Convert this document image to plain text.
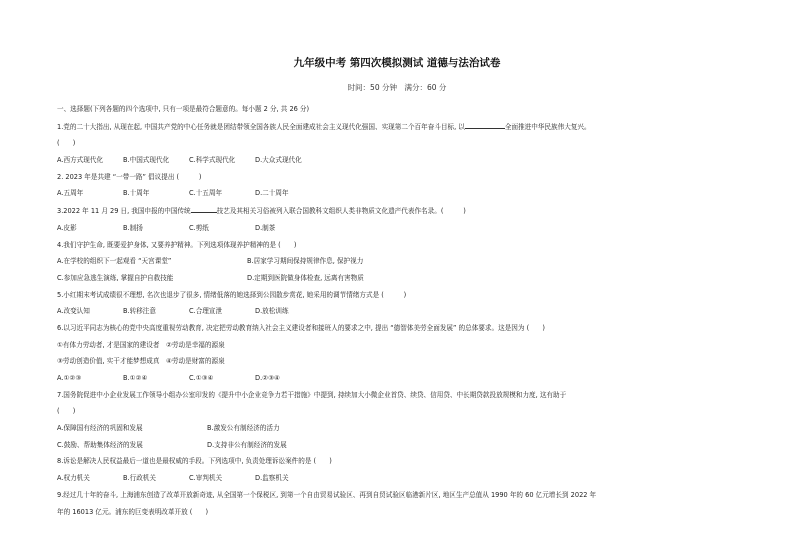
九年级中考 第四次模拟测试 道德与法治试卷
时间：50 分钟　满分：60 分
一、选择题(下列各题的四个选项中, 只有一项是最符合题意的。每小题 2 分, 共 26 分)
1.党的二十大指出, 从现在起, 中国共产党的中心任务就是团结带领全国各族人民全面建成社会主义现代化强国、实现第二个百年奋斗目标, 以	全面推进中华民族伟大复兴。
(　　)
A.西方式现代化	B.中国式现代化	C.科学式现代化	D.大众式现代化
2. 2023 年是共建 “一带一路” 倡议提出 (　　　)
A.五周年	B.十周年	C.十五周年	D.二十周年
3.2022 年 11 月 29 日, 我国申报的中国传统	技艺及其相关习俗被列入联合国教科文组织人类非物质文化遗产代表作名录。(　　　)
A.皮影	B.制扬	C.剪纸	D.制茶
4.我们守护生命, 既要爱护身体, 又要养护精神。下列选项体现养护精神的是 (　　)
A.在学校的组织下一起观看 “天宫课堂”	B.居家学习期间保持规律作息, 保护视力
C.参加应急逃生演练, 掌握自护自救技能	D.定期到医院做身体检查, 远离有害物质
5.小红期末考试成绩很不理想, 名次也退步了很多, 情绪低落的她选择到公园散步赏花, 她采用的调节情绪方式是 (　　　)
A.改变认知	B.转移注意	C.合理宣泄	D.放松训练
6.以习近平同志为核心的党中央高度重视劳动教育, 决定把劳动教育纳入社会主义建设者和接班人的要求之中, 提出 “德智体美劳全面发展” 的总体要求。这是因为 (　　)
①有体力劳动者, 才是国家的建设者　②劳动是幸福的源泉
③劳动创造价值, 实干才能梦想成真　④劳动是财富的源泉
A.①②③	B.①②④	C.①③④	D.②③④
7.国务院促进中小企业发展工作领导小组办公室印发的《提升中小企业竞争力若干措施》中提到, 持续加大小微企业首贷、续贷、信用贷、中长期贷款投放规模和力度, 这有助于
(　　)
A.保障国有经济的巩固和发展	B.激发公有制经济的活力
C.鼓励、帮助集体经济的发展	D.支持非公有制经济的发展
8.诉讼是解决人民权益最后一道也是最权威的手段。下列选项中, 负责处理诉讼案件的是 (　　)
A.权力机关	B.行政机关	C.审判机关	D.监察机关
9.经过几十年的奋斗, 上海浦东创造了改革开放新奇迹, 从全国第一个保税区, 到第一个自由贸易试验区、再到自贸试验区临港新片区, 地区生产总值从 1990 年的 60 亿元增长到 2022 年
年的 16013 亿元。浦东的巨变表明改革开放 (　　)
